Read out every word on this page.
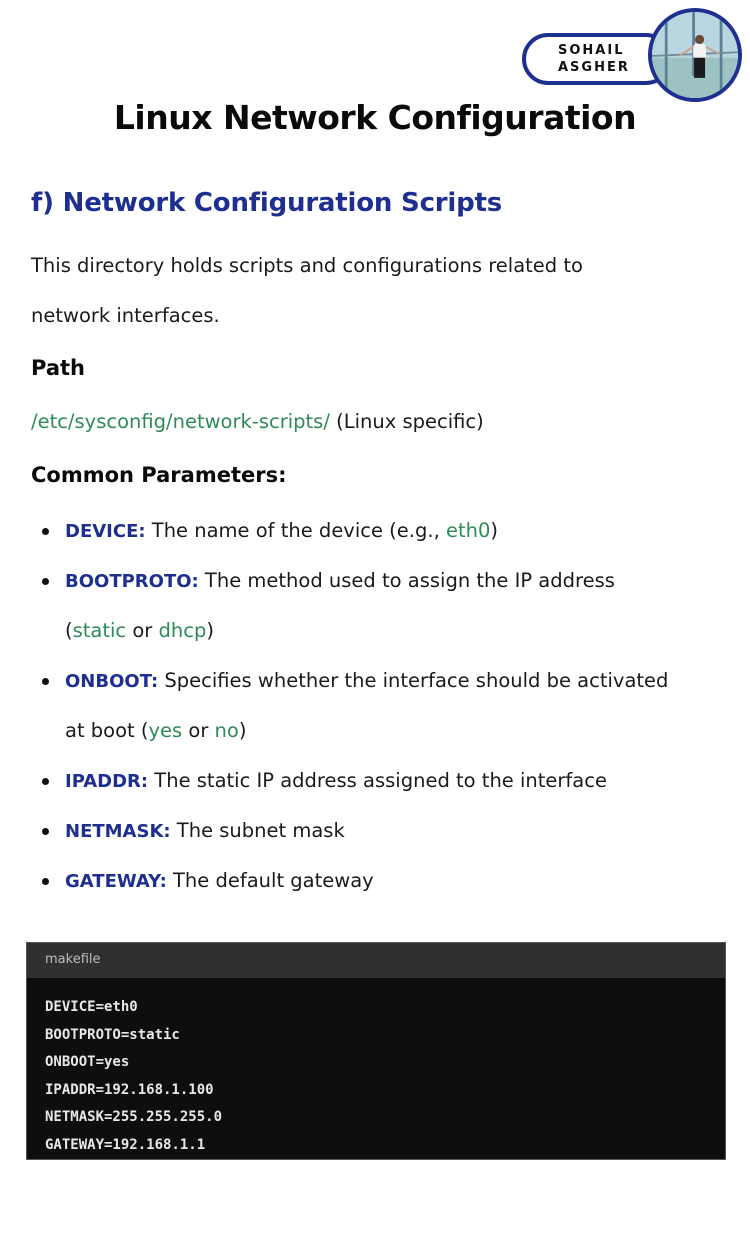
SOHAIL
ASGHER
Linux Network Configuration
f) Network Configuration Scripts
This directory holds scripts and configurations related to
network interfaces.
Path
/etc/sysconfig/network-scripts/ (Linux specific)
Common Parameters:
DEVICE: The name of the device (e.g., eth0)
BOOTPROTO: The method used to assign the IP address
(static or dhcp)
ONBOOT: Specifies whether the interface should be activated
at boot (yes or no)
IPADDR: The static IP address assigned to the interface
NETMASK: The subnet mask
GATEWAY: The default gateway
makefile
DEVICE=eth0
BOOTPROTO=static
ONBOOT=yes
IPADDR=192.168.1.100
NETMASK=255.255.255.0
GATEWAY=192.168.1.1
